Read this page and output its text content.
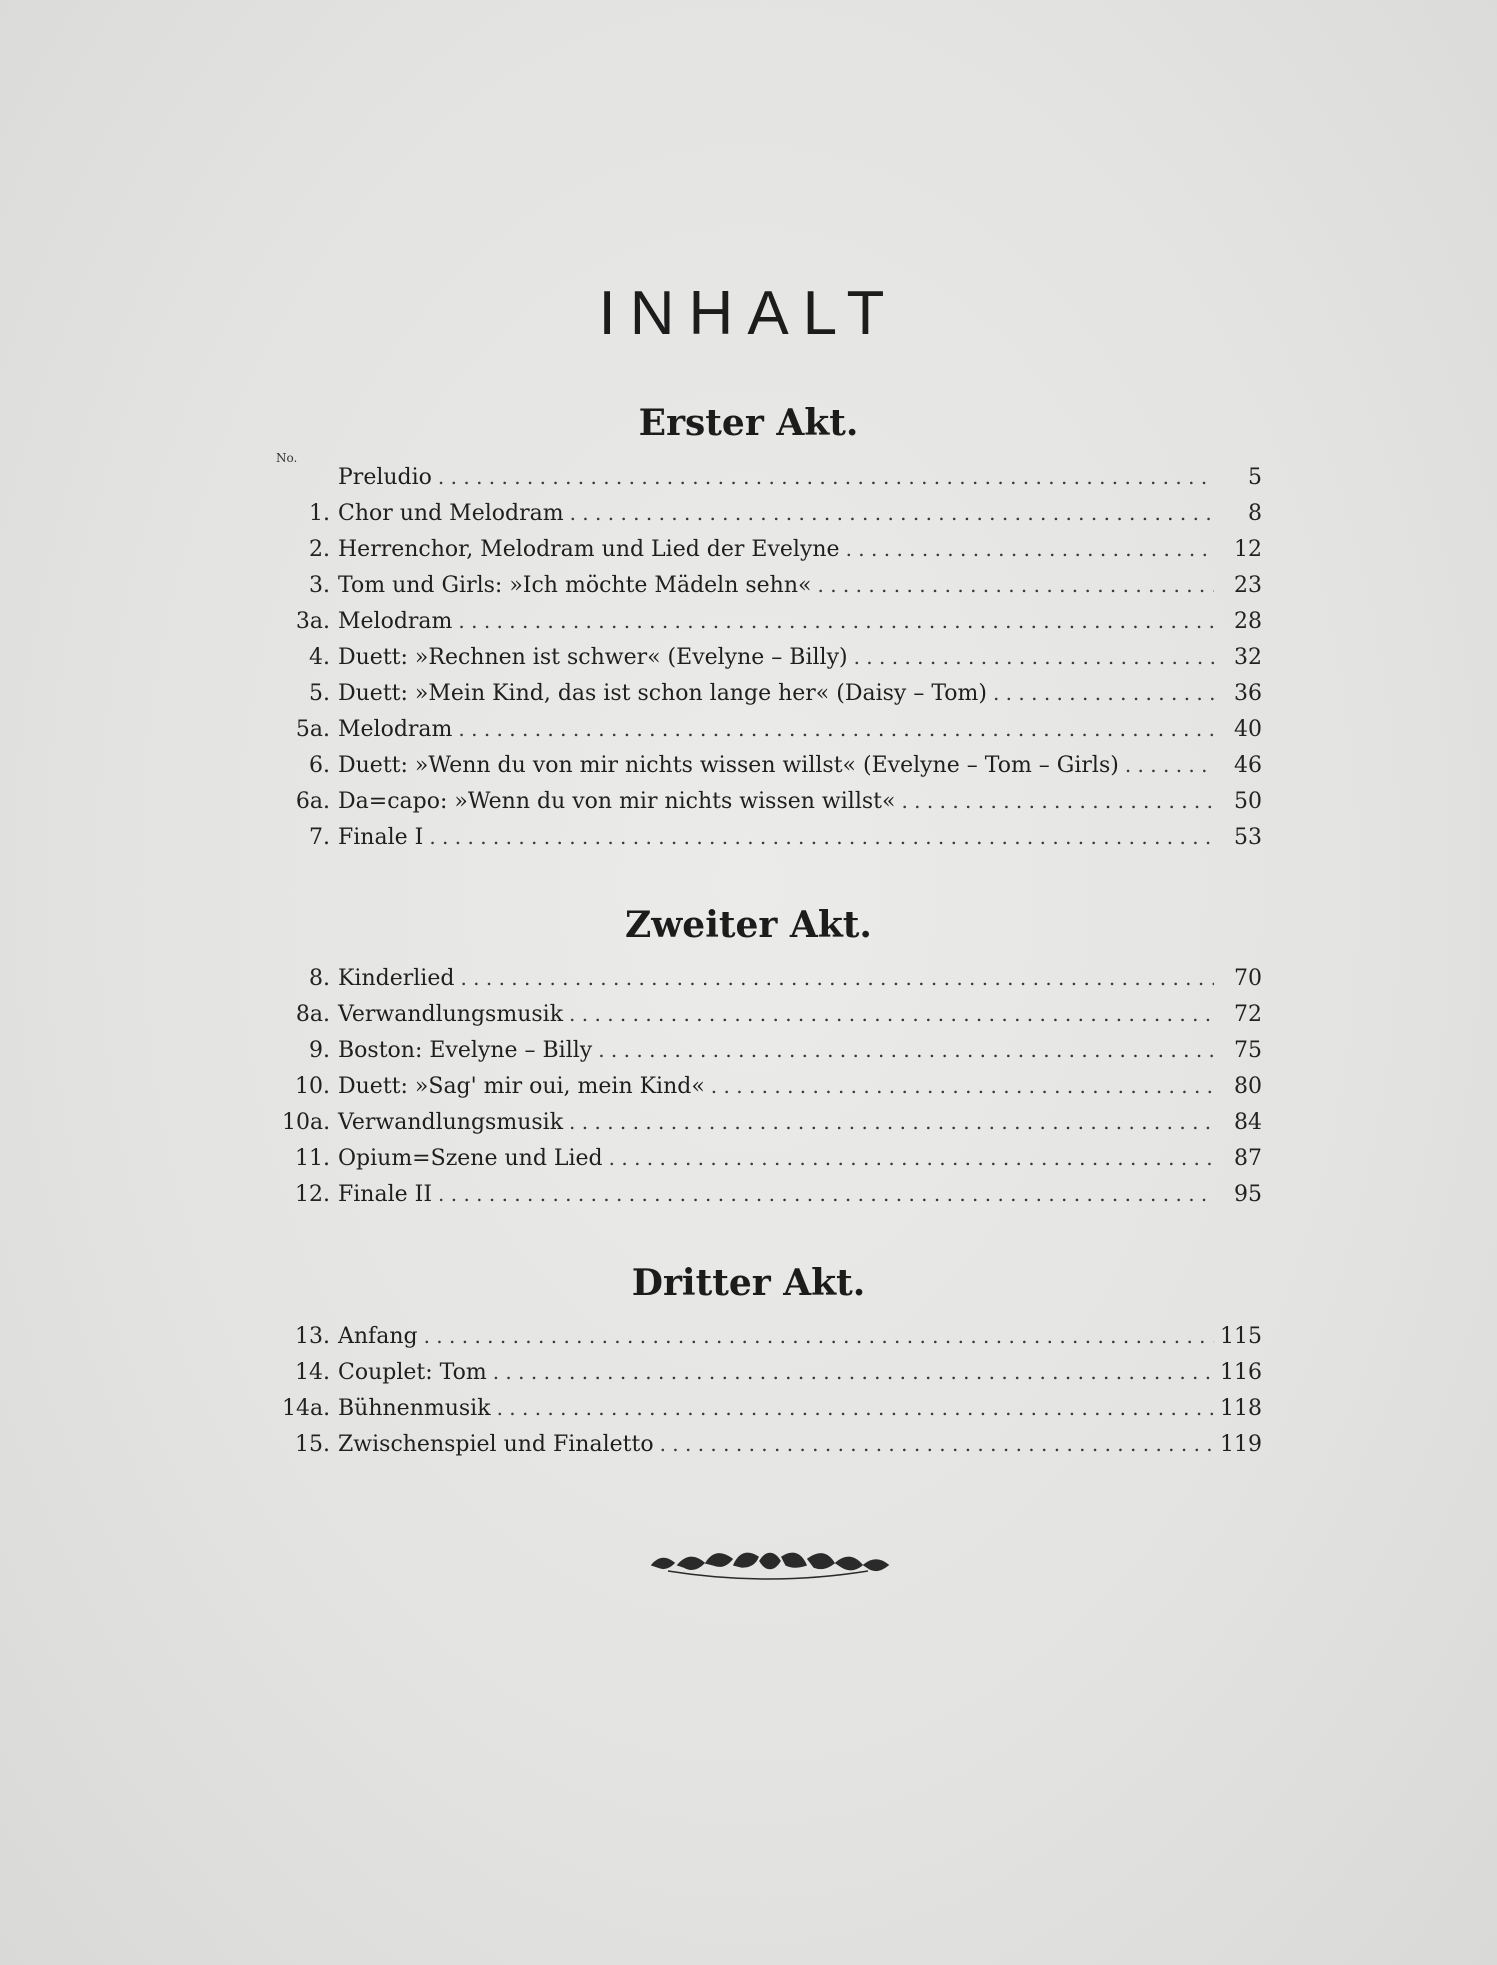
INHALT
Erster Akt.
No.
Preludio . . .	5
1. Chor und Melodram . . .	8
2. Herrenchor, Melodram und Lied der Evelyne . . .	12
3. Tom und Girls: »Ich möchte Mädeln sehn« . . .	23
3a. Melodram . . .	28
4. Duett: »Rechnen ist schwer« (Evelyne – Billy) . . .	32
5. Duett: »Mein Kind, das ist schon lange her« (Daisy – Tom) . . .	36
5a. Melodram . . .	40
6. Duett: »Wenn du von mir nichts wissen willst« (Evelyne – Tom – Girls) . . .	46
6a. Da=capo: »Wenn du von mir nichts wissen willst« . . .	50
7. Finale I . . .	53
Zweiter Akt.
8. Kinderlied . . .	70
8a. Verwandlungsmusik . . .	72
9. Boston: Evelyne – Billy . . .	75
10. Duett: »Sag' mir oui, mein Kind« . . .	80
10a. Verwandlungsmusik . . .	84
11. Opium=Szene und Lied . . .	87
12. Finale II . . .	95
Dritter Akt.
13. Anfang . . .	115
14. Couplet: Tom . . .	116
14a. Bühnenmusik . . .	118
15. Zwischenspiel und Finaletto . . .	119
